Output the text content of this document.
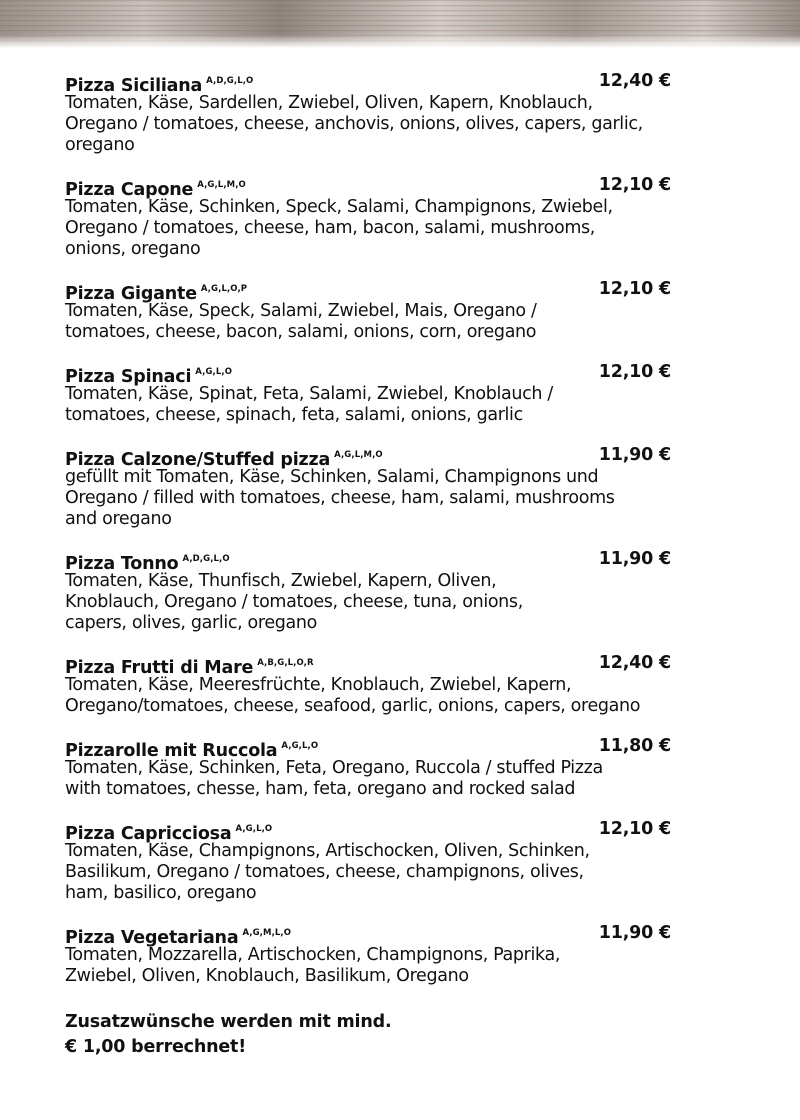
Pizza Siciliana $^{A,D,G,L,O}$	12,40 €

Tomaten, Käse, Sardellen, Zwiebel, Oliven, Kapern, Knoblauch,
Oregano / tomatoes, cheese, anchovis, onions, olives, capers, garlic,
oregano

Pizza Capone $^{A,G,L,M,O}$	12,10 €

Tomaten, Käse, Schinken, Speck, Salami, Champignons, Zwiebel,
Oregano / tomatoes, cheese, ham, bacon, salami, mushrooms,
onions, oregano

Pizza Gigante $^{A,G,L,O,P}$	12,10 €

Tomaten, Käse, Speck, Salami, Zwiebel, Mais, Oregano /
tomatoes, cheese, bacon, salami, onions, corn, oregano

Pizza Spinaci $^{A,G,L,O}$	12,10 €

Tomaten, Käse, Spinat, Feta, Salami, Zwiebel, Knoblauch /
tomatoes, cheese, spinach, feta, salami, onions, garlic

Pizza Calzone/Stuffed pizza $^{A,G,L,M,O}$	11,90 €

gefüllt mit Tomaten, Käse, Schinken, Salami, Champignons und
Oregano / filled with tomatoes, cheese, ham, salami, mushrooms
and oregano

Pizza Tonno $^{A,D,G,L,O}$	11,90 €

Tomaten, Käse, Thunfisch, Zwiebel, Kapern, Oliven,
Knoblauch, Oregano / tomatoes, cheese, tuna, onions,
capers, olives, garlic, oregano

Pizza Frutti di Mare $^{A,B,G,L,O,R}$	12,40 €

Tomaten, Käse, Meeresfrüchte, Knoblauch, Zwiebel, Kapern,
Oregano/tomatoes, cheese, seafood, garlic, onions, capers, oregano

Pizzarolle mit Ruccola $^{A,G,L,O}$	11,80 €

Tomaten, Käse, Schinken, Feta, Oregano, Ruccola / stuffed Pizza
with tomatoes, chesse, ham, feta, oregano and rocked salad

Pizza Capricciosa $^{A,G,L,O}$	12,10 €

Tomaten, Käse, Champignons, Artischocken, Oliven, Schinken,
Basilikum, Oregano / tomatoes, cheese, champignons, olives,
ham, basilico, oregano

Pizza Vegetariana $^{A,G,M,L,O}$	11,90 €

Tomaten, Mozzarella, Artischocken, Champignons, Paprika,
Zwiebel, Oliven, Knoblauch, Basilikum, Oregano

Zusatzwünsche werden mit mind.
€ 1,00 berrechnet!
